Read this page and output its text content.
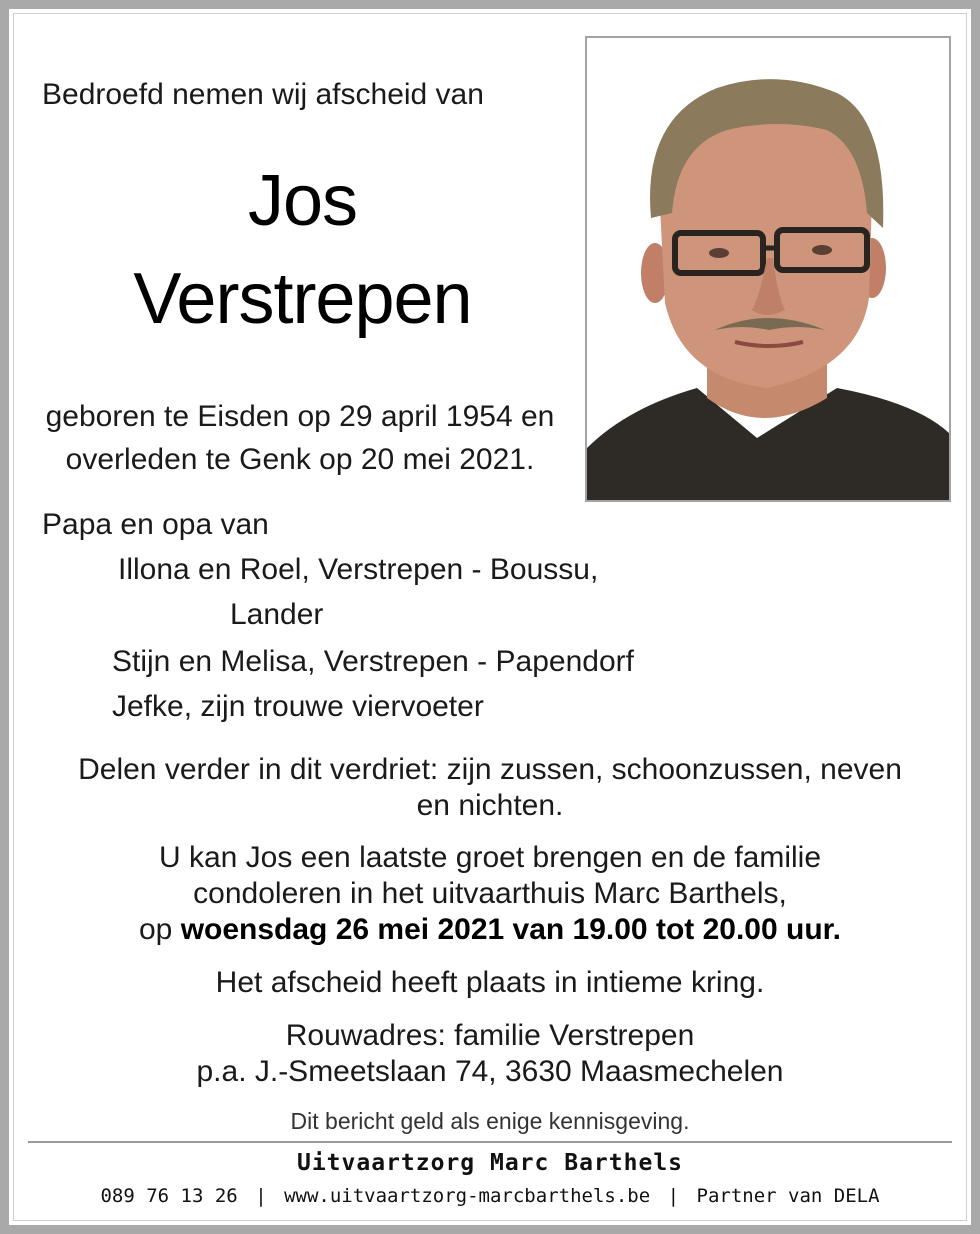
Bedroefd nemen wij afscheid van
Jos
Verstrepen
geboren te Eisden op 29 april 1954 en
overleden te Genk op 20 mei 2021.
Papa en opa van
Illona en Roel, Verstrepen - Boussu,
Lander
Stijn en Melisa, Verstrepen - Papendorf
Jefke, zijn trouwe viervoeter
Delen verder in dit verdriet: zijn zussen, schoonzussen, neven
en nichten.
U kan Jos een laatste groet brengen en de familie
condoleren in het uitvaarthuis Marc Barthels,
op woensdag 26 mei 2021 van 19.00 tot 20.00 uur.
Het afscheid heeft plaats in intieme kring.
Rouwadres: familie Verstrepen
p.a. J.-Smeetslaan 74, 3630 Maasmechelen
Dit bericht geld als enige kennisgeving.
Uitvaartzorg Marc Barthels
089 76 13 26 | www.uitvaartzorg-marcbarthels.be | Partner van DELA
